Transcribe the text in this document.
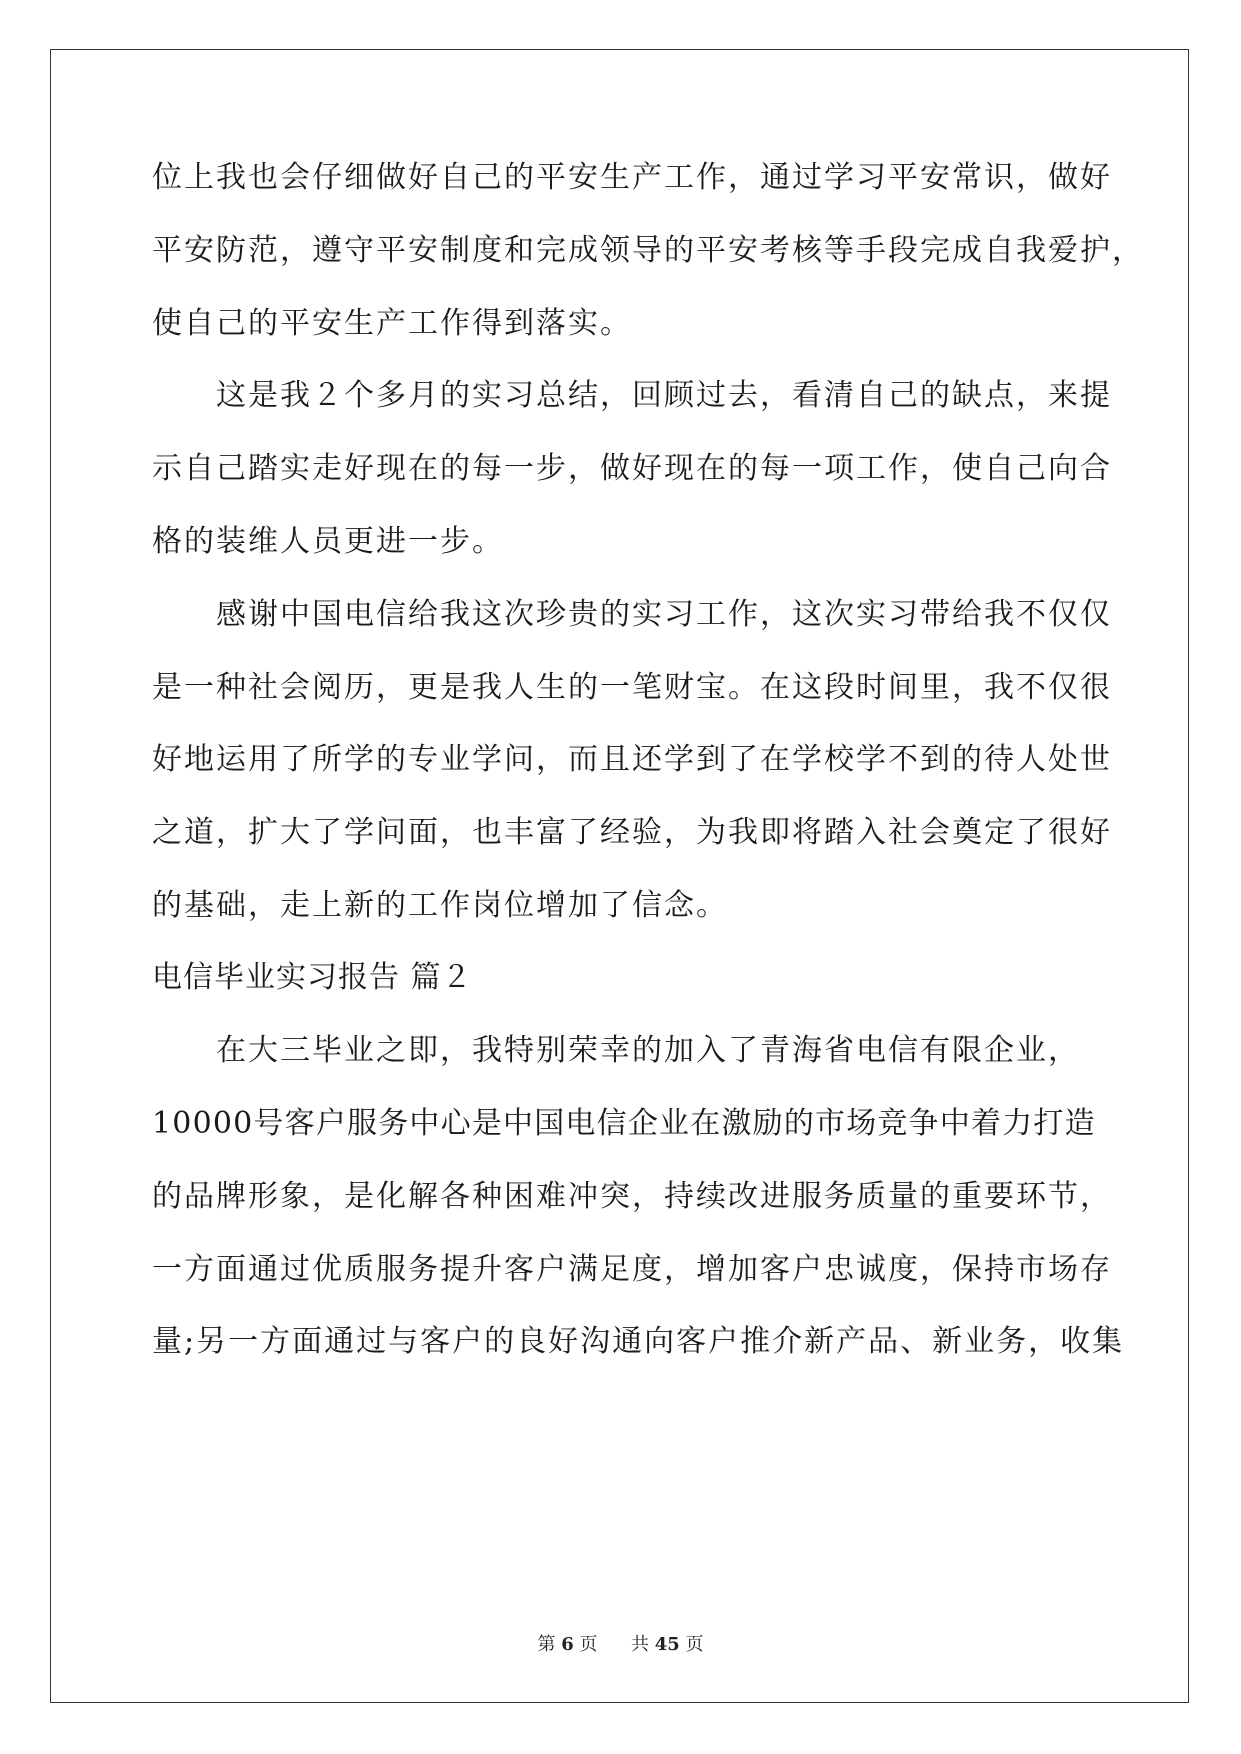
位上我也会仔细做好自己的平安生产工作，通过学习平安常识，做好

平安防范，遵守平安制度和完成领导的平安考核等手段完成自我爱护，

使自己的平安生产工作得到落实。

　　这是我２个多月的实习总结，回顾过去，看清自己的缺点，来提

示自己踏实走好现在的每一步，做好现在的每一项工作，使自己向合

格的装维人员更进一步。

　　感谢中国电信给我这次珍贵的实习工作，这次实习带给我不仅仅

是一种社会阅历，更是我人生的一笔财宝。在这段时间里，我不仅很

好地运用了所学的专业学问，而且还学到了在学校学不到的待人处世

之道，扩大了学问面，也丰富了经验，为我即将踏入社会奠定了很好

的基础，走上新的工作岗位增加了信念。

电信毕业实习报告 篇２

　　在大三毕业之即，我特别荣幸的加入了青海省电信有限企业，

10000号客户服务中心是中国电信企业在激励的市场竞争中着力打造

的品牌形象，是化解各种困难冲突，持续改进服务质量的重要环节，

一方面通过优质服务提升客户满足度，增加客户忠诚度，保持市场存

量;另一方面通过与客户的良好沟通向客户推介新产品、新业务，收集

第 6 页 共 45 页
